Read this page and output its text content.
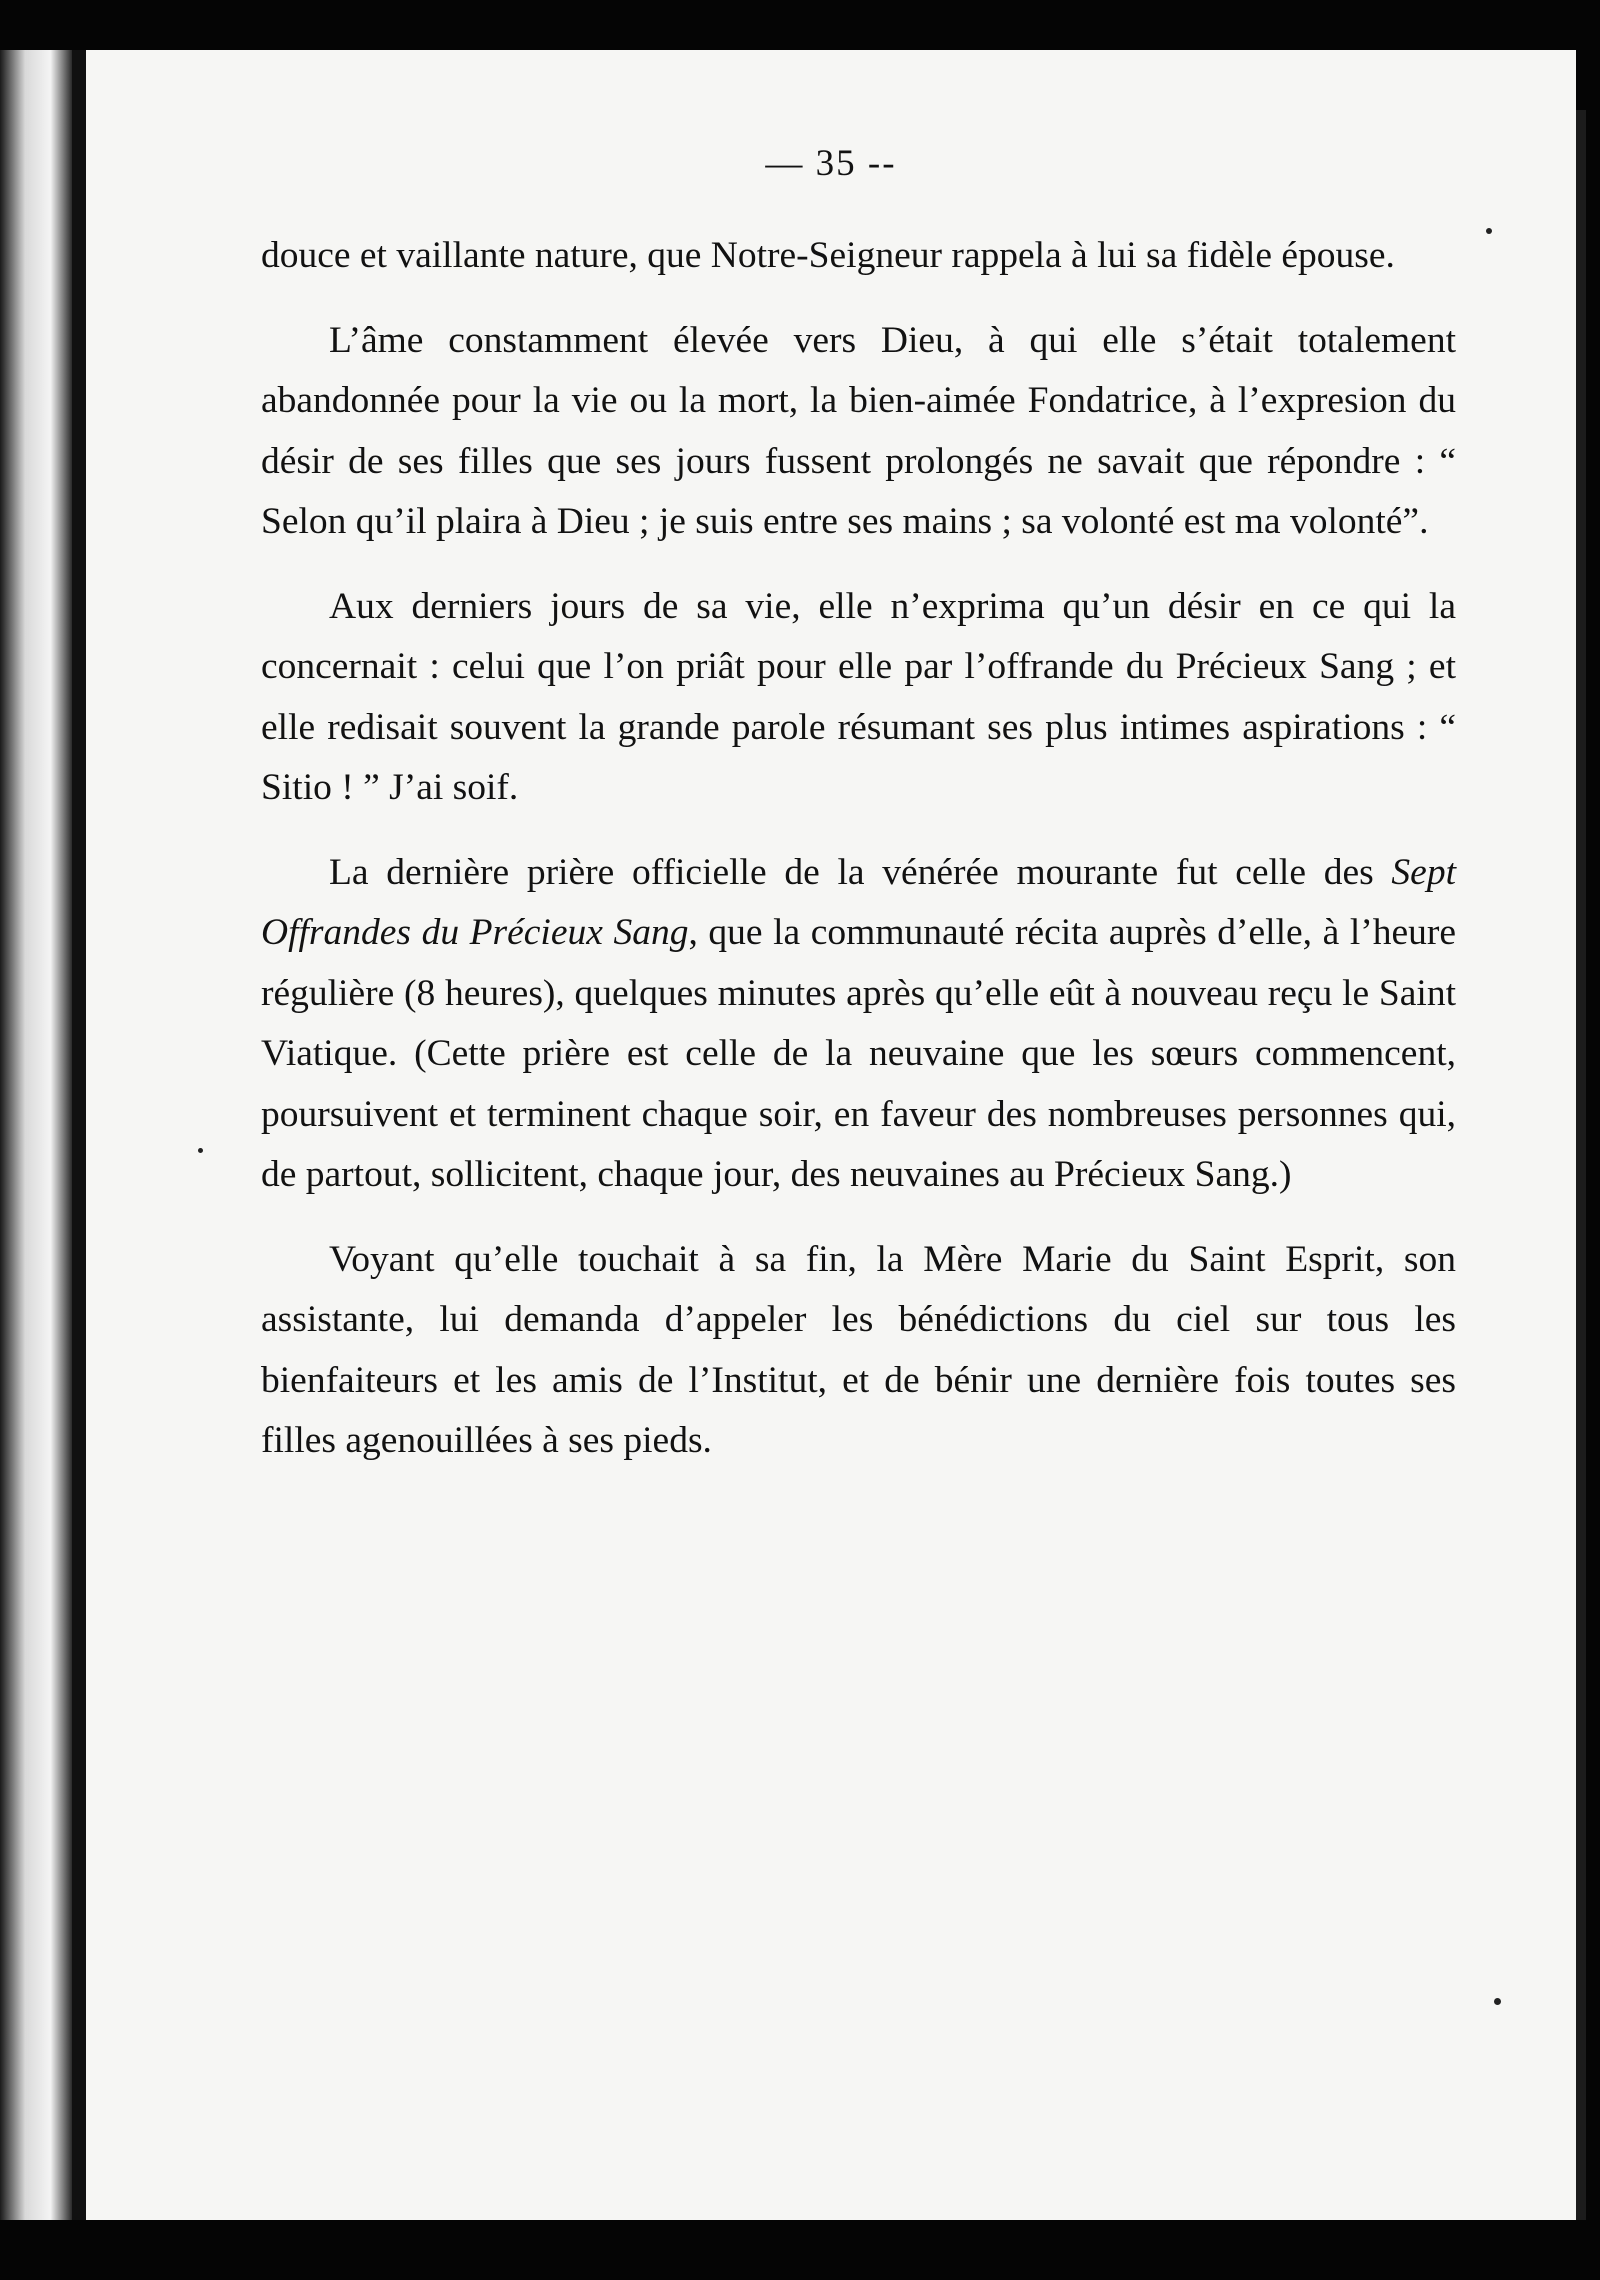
— 35 --

douce et vaillante nature, que Notre-Seigneur rappela à lui sa fidèle épouse.

L’âme constamment élevée vers Dieu, à qui elle s’était totalement abandonnée pour la vie ou la mort, la bien-aimée Fondatrice, à l’expresion du désir de ses filles que ses jours fussent prolongés ne savait que répondre : “ Selon qu’il plaira à Dieu ; je suis entre ses mains ; sa volonté est ma volonté”.

Aux derniers jours de sa vie, elle n’exprima qu’un désir en ce qui la concernait : celui que l’on priât pour elle par l’offrande du Précieux Sang ; et elle redisait souvent la grande parole résumant ses plus intimes aspirations : “ Sitio ! ” J’ai soif.

La dernière prière officielle de la vénérée mourante fut celle des Sept Offrandes du Précieux Sang, que la communauté récita auprès d’elle, à l’heure régulière (8 heures), quelques minutes après qu’elle eût à nouveau reçu le Saint Viatique. (Cette prière est celle de la neuvaine que les sœurs commencent, poursuivent et terminent chaque soir, en faveur des nombreuses personnes qui, de partout, sollicitent, chaque jour, des neuvaines au Précieux Sang.)

Voyant qu’elle touchait à sa fin, la Mère Marie du Saint Esprit, son assistante, lui demanda d’appeler les bénédictions du ciel sur tous les bienfaiteurs et les amis de l’Institut, et de bénir une dernière fois toutes ses filles agenouillées à ses pieds.
